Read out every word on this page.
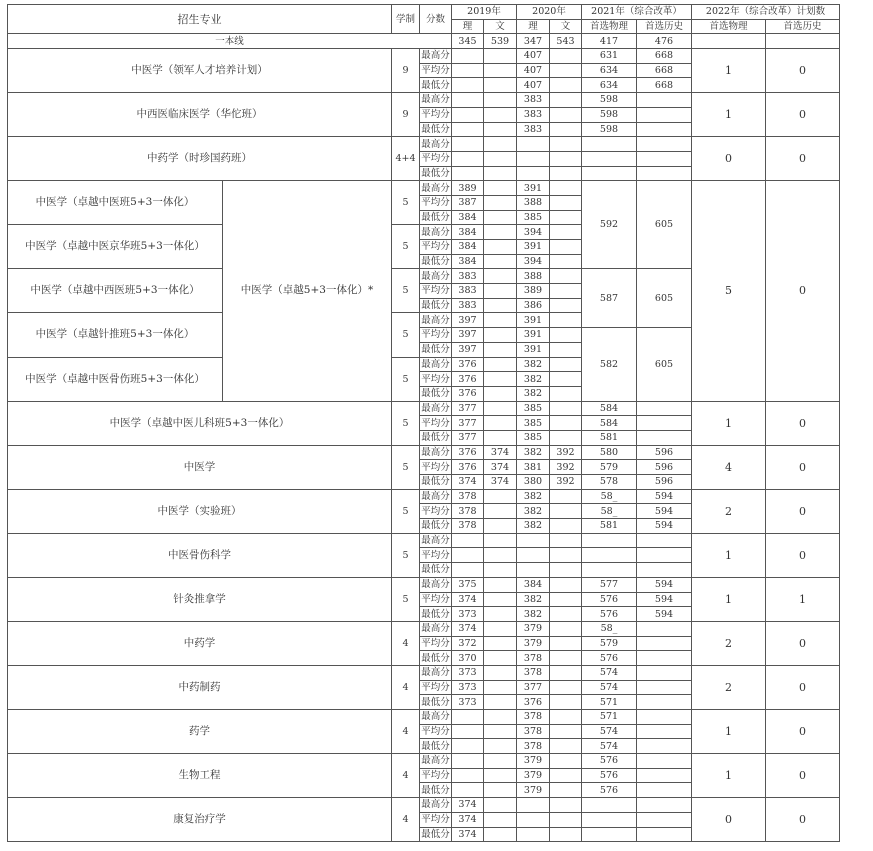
招生专业		学制	分数	2019年		2020年		2021年（综合改革）		2022年（综合改革）计划数	
				理	文	理	文	首选物理	首选历史	首选物理	首选历史
一本线				345	539	347	543	417	476		
中医学（领军人才培养计划）		9	最高分			407		631	668	1	0
			平均分			407		634	668		
			最低分			407		634	668		
中西医临床医学（华佗班）		9	最高分			383		598		1	0
			平均分			383		598			
			最低分			383		598			
中药学（时珍国药班）		4+4	最高分							0	0
			平均分								
			最低分								
中医学（卓越中医班5+3一体化）	中医学（卓越5+3一体化）*	5	最高分	389		391		592	605	5	0
			平均分	387		388					
			最低分	384		385					
中医学（卓越中医京华班5+3一体化）		5	最高分	384		394					
			平均分	384		391					
			最低分	384		394					
中医学（卓越中西医班5+3一体化）		5	最高分	383		388		587	605		
			平均分	383		389					
			最低分	383		386					
中医学（卓越针推班5+3一体化）		5	最高分	397		391					
			平均分	397		391		582	605		
			最低分	397		391					
中医学（卓越中医骨伤班5+3一体化）		5	最高分	376		382					
			平均分	376		382					
			最低分	376		382					
中医学（卓越中医儿科班5+3一体化）		5	最高分	377		385		584		1	0
			平均分	377		385		584			
			最低分	377		385		581			
中医学		5	最高分	376	374	382	392	580	596	4	0
			平均分	376	374	381	392	579	596		
			最低分	374	374	380	392	578	596		
中医学（实验班）		5	最高分	378		382		58_	594	2	0
			平均分	378		382		58_	594		
			最低分	378		382		581	594		
中医骨伤科学		5	最高分							1	0
			平均分								
			最低分								
针灸推拿学		5	最高分	375		384		577	594	1	1
			平均分	374		382		576	594		
			最低分	373		382		576	594		
中药学		4	最高分	374		379		58_		2	0
			平均分	372		379		579			
			最低分	370		378		576			
中药制药		4	最高分	373		378		574		2	0
			平均分	373		377		574			
			最低分	373		376		571			
药学		4	最高分			378		571		1	0
			平均分			378		574			
			最低分			378		574			
生物工程		4	最高分			379		576		1	0
			平均分			379		576			
			最低分			379		576			
康复治疗学		4	最高分	374						0	0
			平均分	374							
			最低分	374							
